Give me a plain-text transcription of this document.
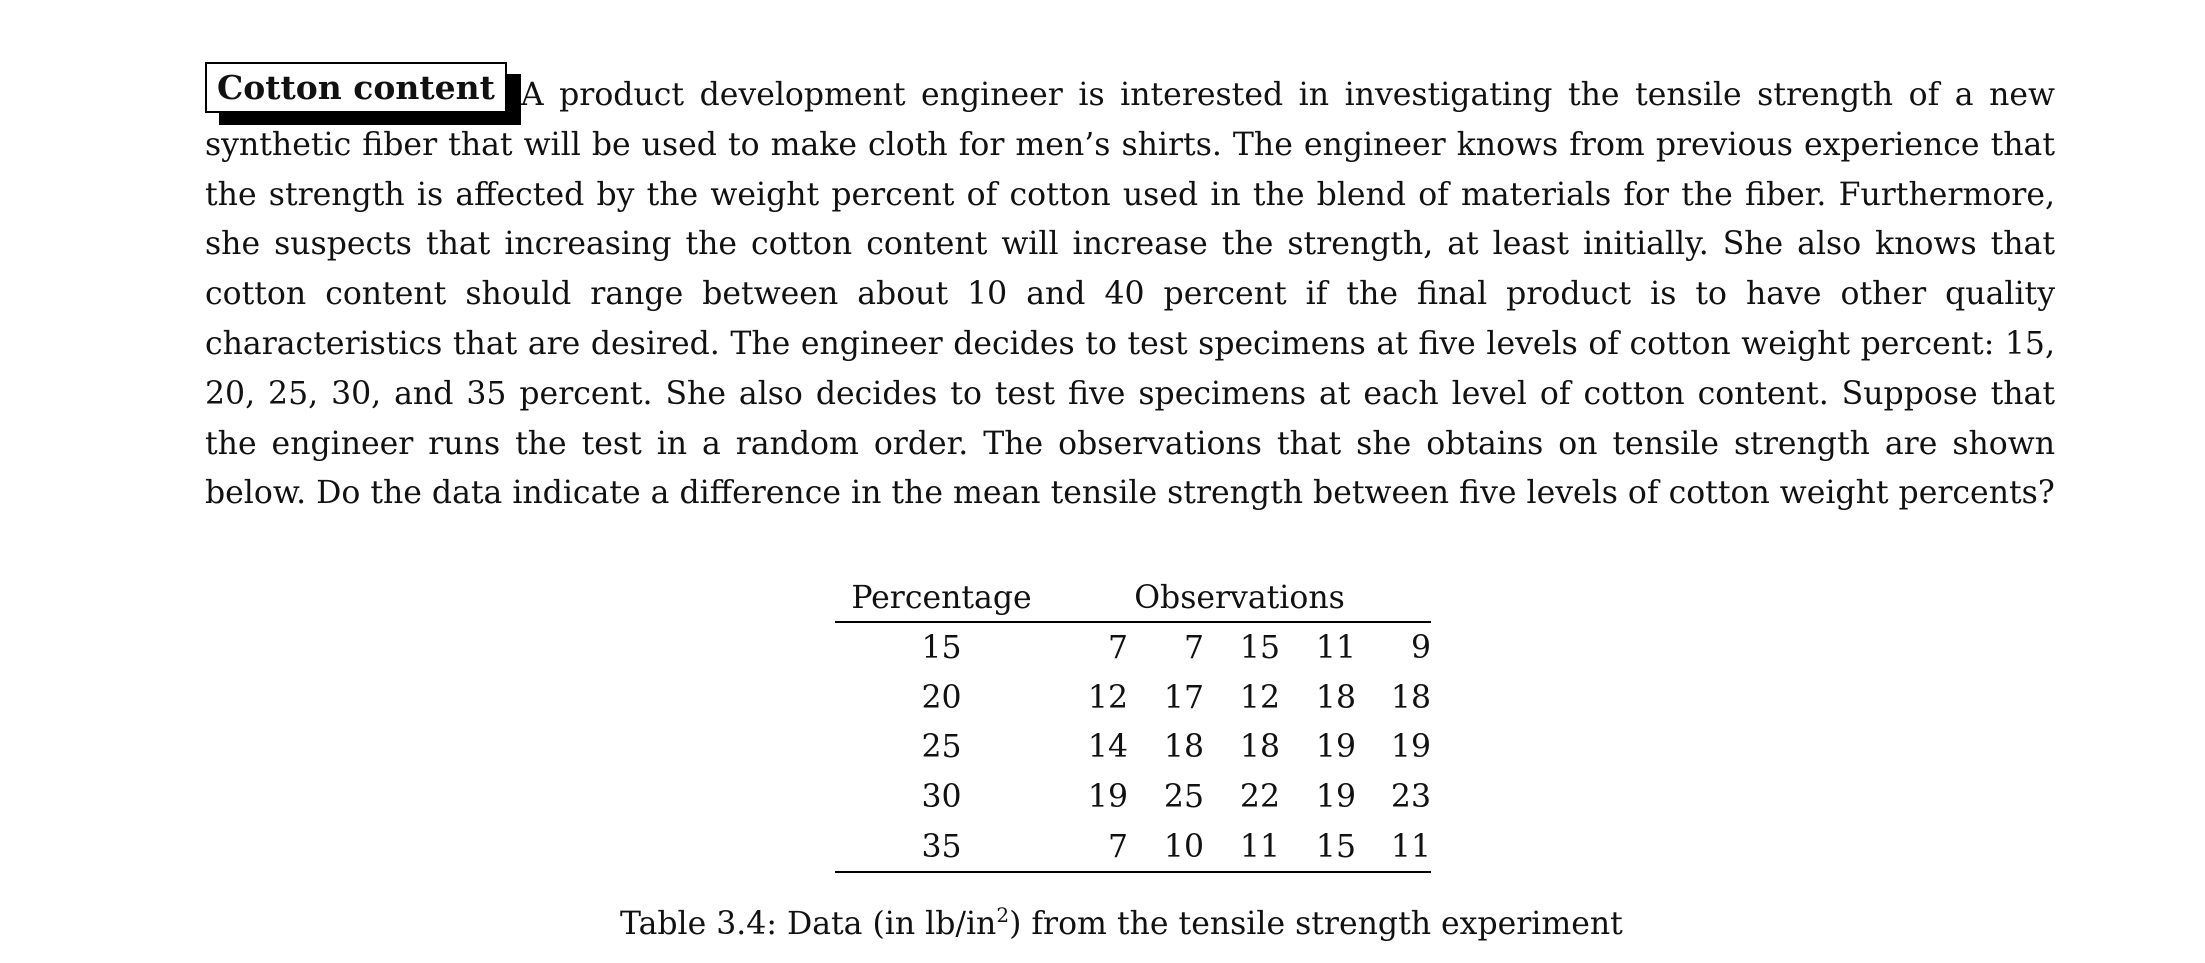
Cotton content A product development engineer is interested in investigating the tensile strength of a new synthetic fiber that will be used to make cloth for men’s shirts. The engineer knows from previous experience that the strength is affected by the weight percent of cotton used in the blend of materials for the fiber. Furthermore, she suspects that increasing the cotton content will increase the strength, at least initially. She also knows that cotton content should range between about 10 and 40 percent if the final product is to have other quality characteristics that are desired. The engineer decides to test specimens at five levels of cotton weight percent: 15, 20, 25, 30, and 35 percent. She also decides to test five specimens at each level of cotton content. Suppose that the engineer runs the test in a random order. The observations that she obtains on tensile strength are shown below. Do the data indicate a difference in the mean tensile strength between five levels of cotton weight percents?

Percentage	Observations				
15	7	7	15	11	9
20	12	17	12	18	18
25	14	18	18	19	19
30	19	25	22	19	23
35	7	10	11	15	11
Table 3.4: Data (in $lb/in^2$) from the tensile strength experiment
